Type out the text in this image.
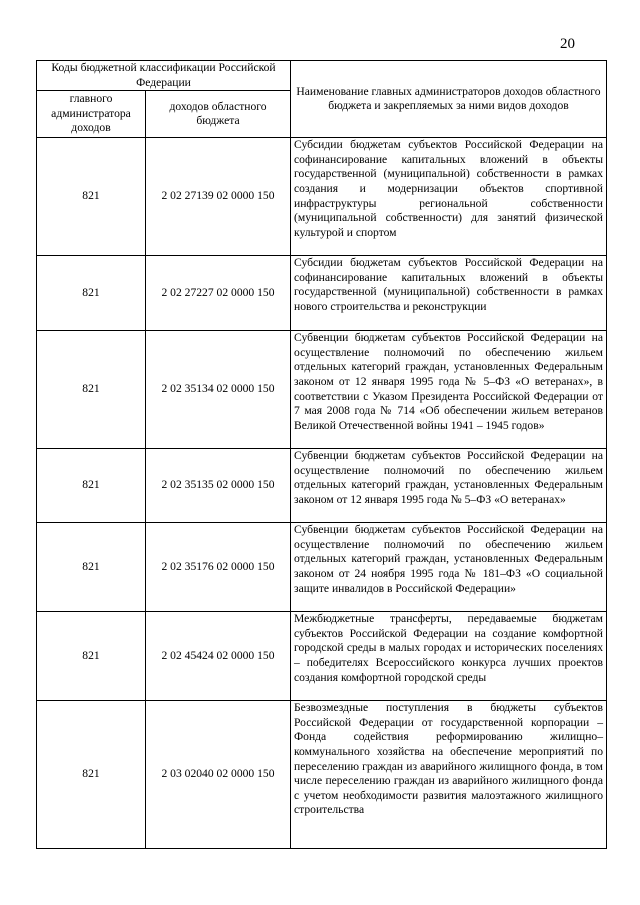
20
Коды бюджетной классификации Российской Федерации		Наименование главных администраторов доходов областного бюджета и закрепляемых за ними видов доходов
главного администратора доходов	доходов областного бюджета	
821	2 02 27139 02 0000 150	Субсидии бюджетам субъектов Российской Федерации на софинансирование капитальных вложений в объекты государственной (муниципальной) собственности в рамках создания и модернизации объектов спортивной инфраструктуры региональной собственности (муниципальной собственности) для занятий физической культурой и спортом
821	2 02 27227 02 0000 150	Субсидии бюджетам субъектов Российской Федерации на софинансирование капитальных вложений в объекты государственной (муниципальной) собственности в рамках нового строительства и реконструкции
821	2 02 35134 02 0000 150	Субвенции бюджетам субъектов Российской Федерации на осуществление полномочий по обеспечению жильем отдельных категорий граждан, установленных Федеральным законом от 12 января 1995 года № 5–ФЗ «О ветеранах», в соответствии с Указом Президента Российской Федерации от 7 мая 2008 года № 714 «Об обеспечении жильем ветеранов Великой Отечественной войны 1941 – 1945 годов»
821	2 02 35135 02 0000 150	Субвенции бюджетам субъектов Российской Федерации на осуществление полномочий по обеспечению жильем отдельных категорий граждан, установленных Федеральным законом от 12 января 1995 года № 5–ФЗ «О ветеранах»
821	2 02 35176 02 0000 150	Субвенции бюджетам субъектов Российской Федерации на осуществление полномочий по обеспечению жильем отдельных категорий граждан, установленных Федеральным законом от 24 ноября 1995 года № 181–ФЗ «О социальной защите инвалидов в Российской Федерации»
821	2 02 45424 02 0000 150	Межбюджетные трансферты, передаваемые бюджетам субъектов Российской Федерации на создание комфортной городской среды в малых городах и исторических поселениях – победителях Всероссийского конкурса лучших проектов создания комфортной городской среды
821	2 03 02040 02 0000 150	Безвозмездные поступления в бюджеты субъектов Российской Федерации от государственной корпорации – Фонда содействия реформированию жилищно–коммунального хозяйства на обеспечение мероприятий по переселению граждан из аварийного жилищного фонда, в том числе переселению граждан из аварийного жилищного фонда с учетом необходимости развития малоэтажного жилищного строительства
